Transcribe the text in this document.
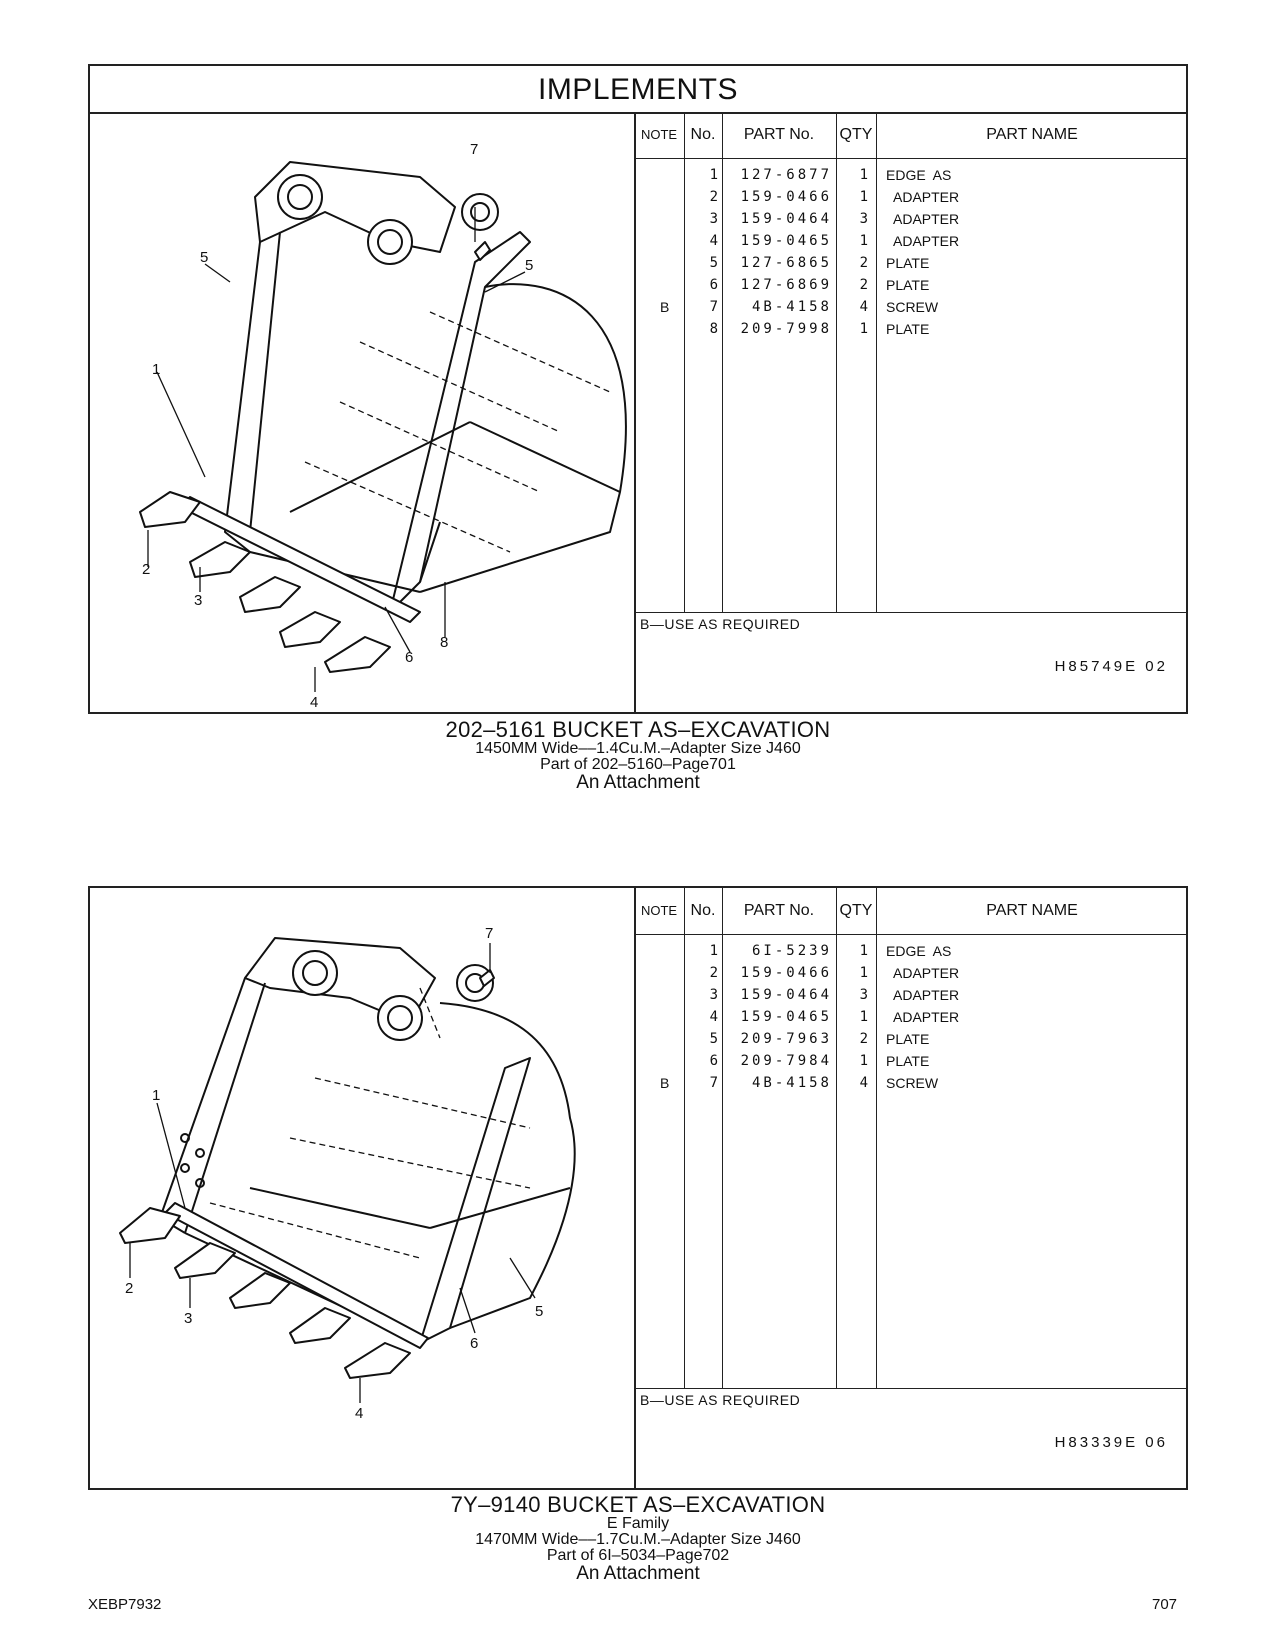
IMPLEMENTS
1
2
3
4
5	5
6
7
8
NOTE No.	PART No.	QTY	PART NAME
1	127-6877	1 EDGE  AS
2	159-0466	1 ADAPTER
3	159-0464	3 ADAPTER
4	159-0465	1 ADAPTER
5	127-6865	2 PLATE
6	127-6869	2 PLATE
B	7	4B-4158	4 SCREW
8	209-7998	1 PLATE
B—USE AS REQUIRED
H85749E 02
202–5161 BUCKET AS–EXCAVATION
1450MM Wide––1.4Cu.M.–Adapter Size J460
Part of 202–5160–Page701
An Attachment
1
2
3
4
5
6
7
NOTE No.	PART No.	QTY	PART NAME
1	6I-5239	1 EDGE  AS
2	159-0466	1 ADAPTER
3	159-0464	3 ADAPTER
4	159-0465	1 ADAPTER
5	209-7963	2 PLATE
6	209-7984	1 PLATE
B	7	4B-4158	4 SCREW
B—USE AS REQUIRED
H83339E 06
7Y–9140 BUCKET AS–EXCAVATION
E Family
1470MM Wide––1.7Cu.M.–Adapter Size J460
Part of 6I–5034–Page702
An Attachment
XEBP7932	707
